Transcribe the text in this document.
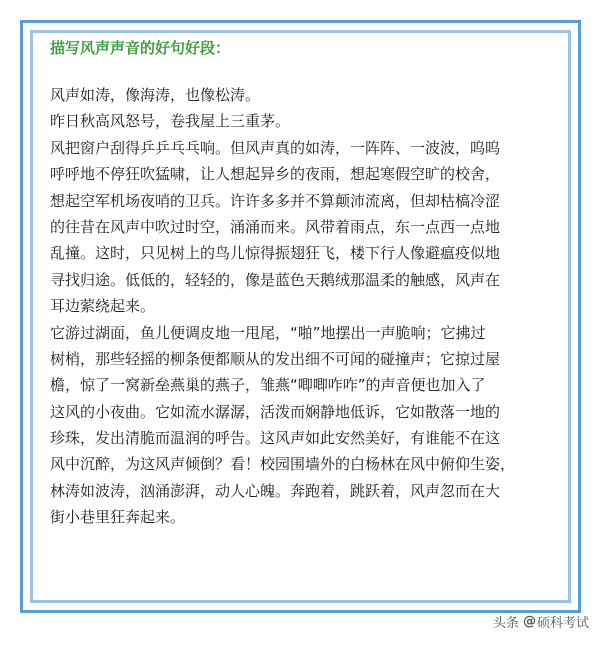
描写风声声音的好句好段：
风声如涛，像海涛，也像松涛。
昨日秋高风怒号，卷我屋上三重茅。
风把窗户刮得乒乒乓乓响。但风声真的如涛，一阵阵、一波波，呜呜
呼呼地不停狂吹猛啸，让人想起异乡的夜雨，想起寒假空旷的校舍，
想起空军机场夜哨的卫兵。许许多多并不算颠沛流离，但却枯槁冷涩
的往昔在风声中吹过时空，涌涌而来。风带着雨点，东一点西一点地
乱撞。这时，只见树上的鸟儿惊得振翅狂飞，楼下行人像避瘟疫似地
寻找归途。低低的，轻轻的，像是蓝色天鹅绒那温柔的触感，风声在
耳边萦绕起来。
它游过湖面，鱼儿便调皮地一甩尾，“啪”地摆出一声脆响；它拂过
树梢，那些轻摇的柳条便都顺从的发出细不可闻的碰撞声；它掠过屋
檐，惊了一窝新垒燕巢的燕子，雏燕“唧唧咋咋”的声音便也加入了
这风的小夜曲。它如流水潺潺，活泼而娴静地低诉，它如散落一地的
珍珠，发出清脆而温润的呼告。这风声如此安然美好，有谁能不在这
风中沉醉，为这风声倾倒？看！校园围墙外的白杨林在风中俯仰生姿，
林涛如波涛，汹涌澎湃，动人心魄。奔跑着，跳跃着，风声忽而在大
街小巷里狂奔起来。
头条 @ 硕科考试
